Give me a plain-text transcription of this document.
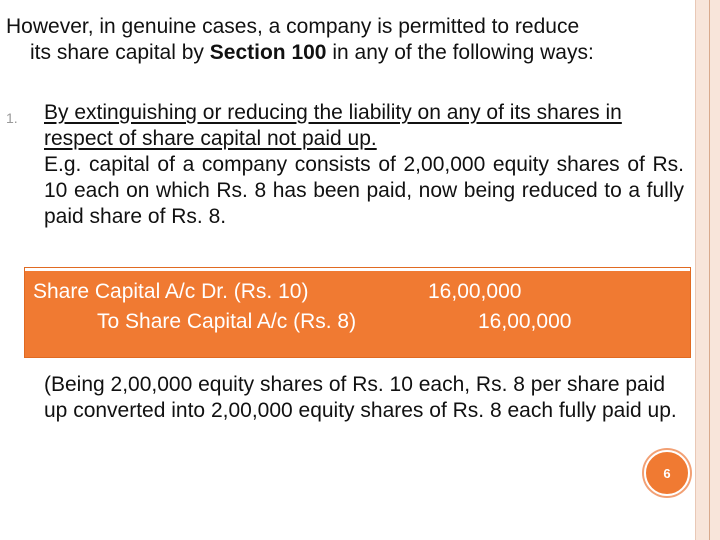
However, in genuine cases, a company is permitted to reduce
its share capital by Section 100 in any of the following ways:
1. By extinguishing or reducing the liability on any of its shares in respect of share capital not paid up.
E.g. capital of a company consists of 2,00,000 equity shares of Rs. 10 each on which Rs. 8 has been paid, now being reduced to a fully paid share of Rs. 8.
Share Capital A/c Dr. (Rs. 10)	16,00,000
To Share Capital A/c (Rs. 8)	16,00,000
(Being 2,00,000 equity shares of Rs. 10 each, Rs. 8 per share paid up converted into 2,00,000 equity shares of Rs. 8 each fully paid up.
6
